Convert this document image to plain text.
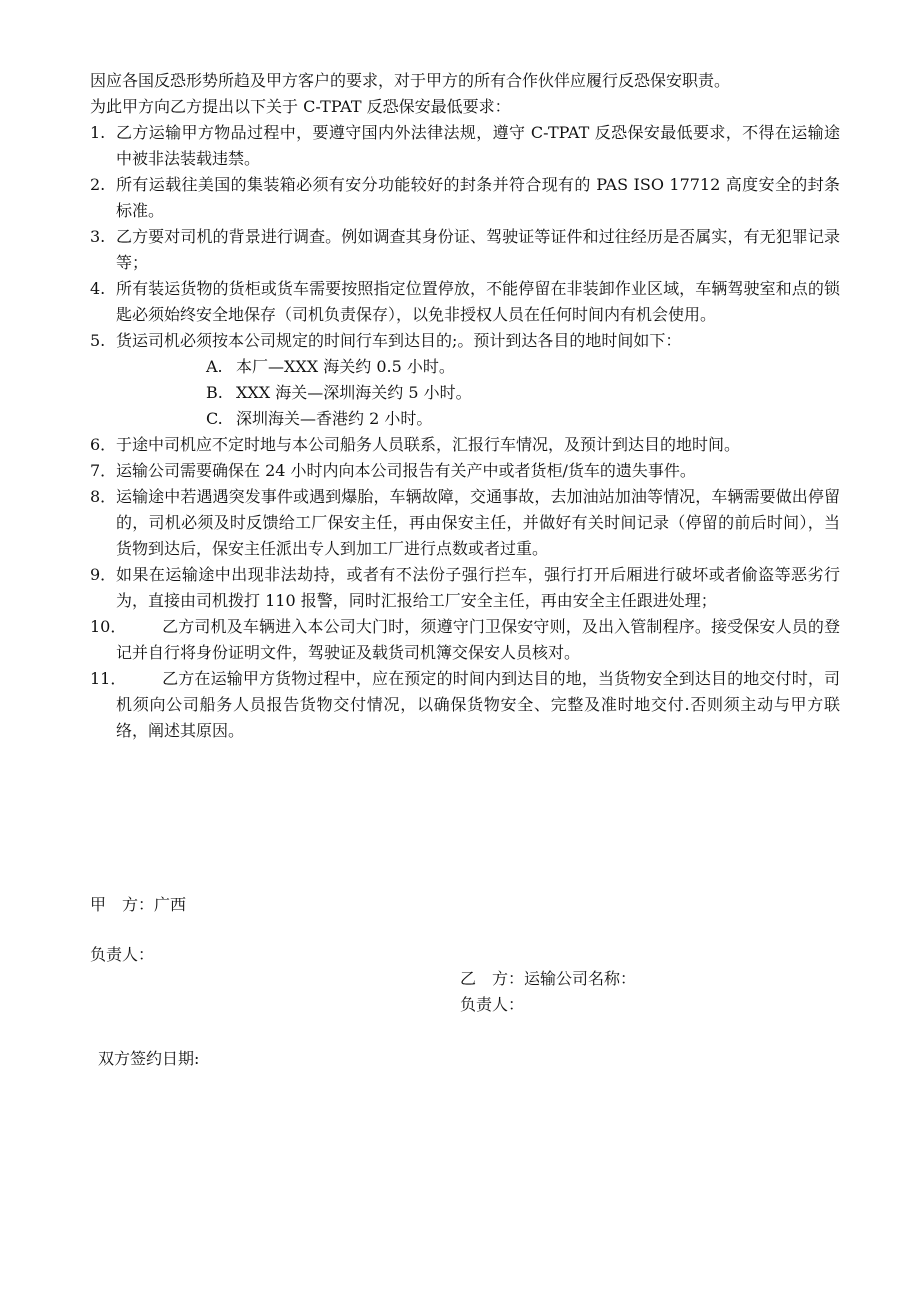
因应各国反恐形势所趋及甲方客户的要求，对于甲方的所有合作伙伴应履行反恐保安职责。

为此甲方向乙方提出以下关于 C-TPAT 反恐保安最低要求：

1. 乙方运输甲方物品过程中，要遵守国内外法律法规，遵守 C-TPAT 反恐保安最低要求，不得在运输途中被非法装载违禁。
2. 所有运载往美国的集装箱必须有安分功能较好的封条并符合现有的 PAS ISO 17712 高度安全的封条标准。
3. 乙方要对司机的背景进行调查。例如调查其身份证、驾驶证等证件和过往经历是否属实，有无犯罪记录等；
4. 所有装运货物的货柜或货车需要按照指定位置停放，不能停留在非装卸作业区域，车辆驾驶室和点的锁匙必须始终安全地保存（司机负责保存），以免非授权人员在任何时间内有机会使用。
5. 货运司机必须按本公司规定的时间行车到达目的;。预计到达各目的地时间如下：
A. 本厂—XXX 海关约 0.5 小时。
B. XXX 海关—深圳海关约 5 小时。
C. 深圳海关—香港约 2 小时。
6． 于途中司机应不定时地与本公司船务人员联系，汇报行车情况，及预计到达目的地时间。
7． 运输公司需要确保在 24 小时内向本公司报告有关产中或者货柜/货车的遗失事件。
8． 运输途中若遇遇突发事件或遇到爆胎，车辆故障，交通事故，去加油站加油等情况，车辆需要做出停留的，司机必须及时反馈给工厂保安主任，再由保安主任，并做好有关时间记录（停留的前后时间），当货物到达后，保安主任派出专人到加工厂进行点数或者过重。
9． 如果在运输途中出现非法劫持，或者有不法份子强行拦车，强行打开后厢进行破坏或者偷盗等恶劣行为，直接由司机拨打 110 报警，同时汇报给工厂安全主任，再由安全主任跟进处理；
10． 乙方司机及车辆进入本公司大门时，须遵守门卫保安守则，及出入管制程序。接受保安人员的登记并自行将身份证明文件，驾驶证及载货司机簿交保安人员核对。
11． 乙方在运输甲方货物过程中，应在预定的时间内到达目的地，当货物安全到达目的地交付时，司机须向公司船务人员报告货物交付情况，以确保货物安全、完整及准时地交付.否则须主动与甲方联络，阐述其原因。
甲　方：广西
负责人：
乙　方：运输公司名称：
负责人：
双方签约日期:
